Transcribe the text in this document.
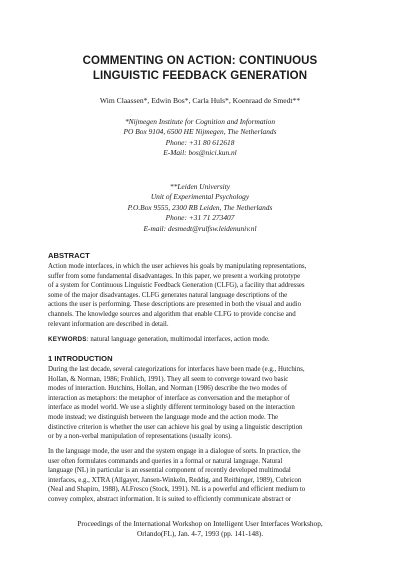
COMMENTING ON ACTION: CONTINUOUS
LINGUISTIC FEEDBACK GENERATION
Wim Claassen*, Edwin Bos*, Carla Huls*, Koenraad de Smedt**
*Nijmegen Institute for Cognition and Information
PO Box 9104, 6500 HE Nijmegen, The Netherlands
Phone: +31 80 612618
E-Mail: bos@nici.kun.nl
**Leiden University
Unit of Experimental Psychology
P.O.Box 9555, 2300 RB Leiden, The Netherlands
Phone: +31 71 273407
E-mail: desmedt@rulfsw.leidenuniv.nl
ABSTRACT
Action mode interfaces, in which the user achieves his goals by manipulating representations,
suffer from some fundamental disadvantages. In this paper, we present a working prototype
of a system for Continuous Linguistic Feedback Generation (CLFG), a facility that addresses
some of the major disadvantages. CLFG generates natural language descriptions of the
actions the user is performing. These descriptions are presented in both the visual and audio
channels. The knowledge sources and algorithm that enable CLFG to provide concise and
relevant information are described in detail.
KEYWORDS: natural language generation, multimodal interfaces, action mode.
1 INTRODUCTION
During the last decade, several categorizations for interfaces have been made (e.g., Hutchins,
Hollan, & Norman, 1986; Frohlich, 1991). They all seem to converge toward two basic
modes of interaction. Hutchins, Hollan, and Norman (1986) describe the two modes of
interaction as metaphors: the metaphor of interface as conversation and the metaphor of
interface as model world. We use a slightly different terminology based on the interaction
mode instead; we distinguish between the language mode and the action mode. The
distinctive criterion is whether the user can achieve his goal by using a linguistic description
or by a non-verbal manipulation of representations (usually icons).
In the language mode, the user and the system engage in a dialogue of sorts. In practice, the
user often formulates commands and queries in a formal or natural language. Natural
language (NL) in particular is an essential component of recently developed multimodal
interfaces, e.g., XTRA (Allgayer, Jansen-Winkeln, Reddig, and Reithinger, 1989), Cubricon
(Neal and Shapiro, 1988), ALFresco (Stock, 1991). NL is a powerful and efficient medium to
convey complex, abstract information. It is suited to efficiently communicate abstract or
Proceedings of the International Workshop on Intelligent User Interfaces Workshop,
Orlando(FL), Jan. 4-7, 1993 (pp. 141-148).
